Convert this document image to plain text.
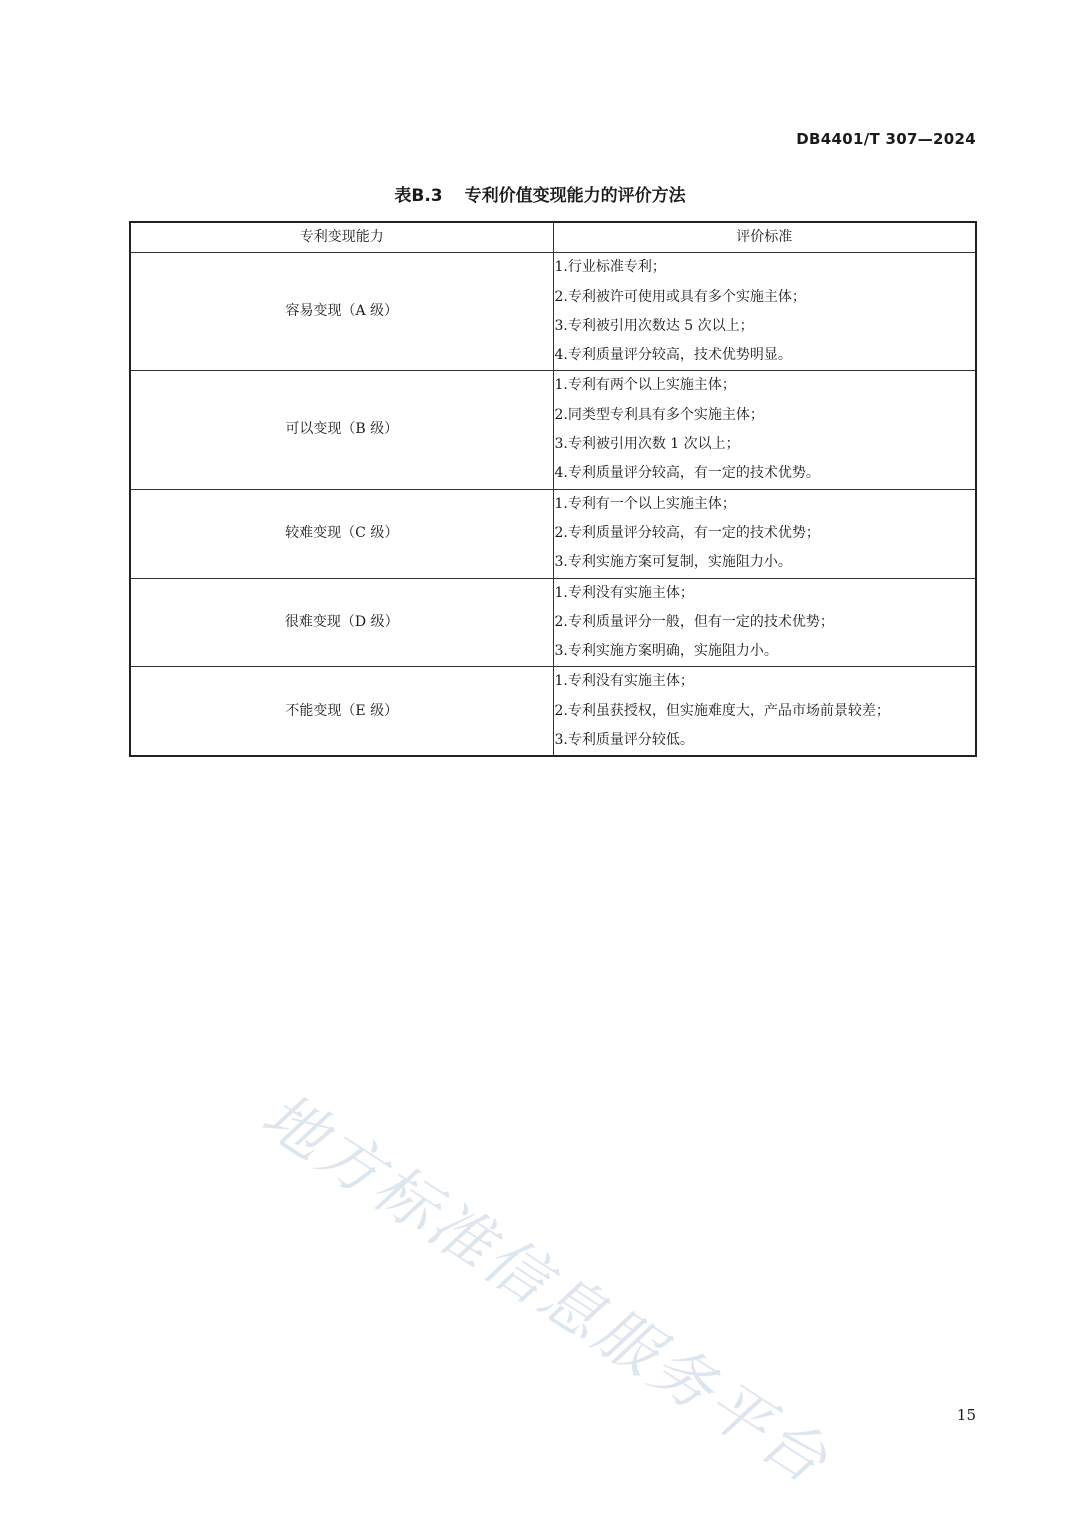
DB4401/T 307—2024
表B.3 专利价值变现能力的评价方法
专利变现能力	评价标准
容易变现（A 级）	1.行业标准专利；
2.专利被许可使用或具有多个实施主体；
3.专利被引用次数达 5 次以上；
4.专利质量评分较高，技术优势明显。

可以变现（B 级）	1.专利有两个以上实施主体；
2.同类型专利具有多个实施主体；
3.专利被引用次数 1 次以上；
4.专利质量评分较高，有一定的技术优势。

较难变现（C 级）	1.专利有一个以上实施主体；
2.专利质量评分较高，有一定的技术优势；
3.专利实施方案可复制，实施阻力小。

很难变现（D 级）	1.专利没有实施主体；
2.专利质量评分一般，但有一定的技术优势；
3.专利实施方案明确，实施阻力小。

不能变现（E 级）	1.专利没有实施主体；
2.专利虽获授权，但实施难度大，产品市场前景较差；
3.专利质量评分较低。
地方标准信息服务平台	15
